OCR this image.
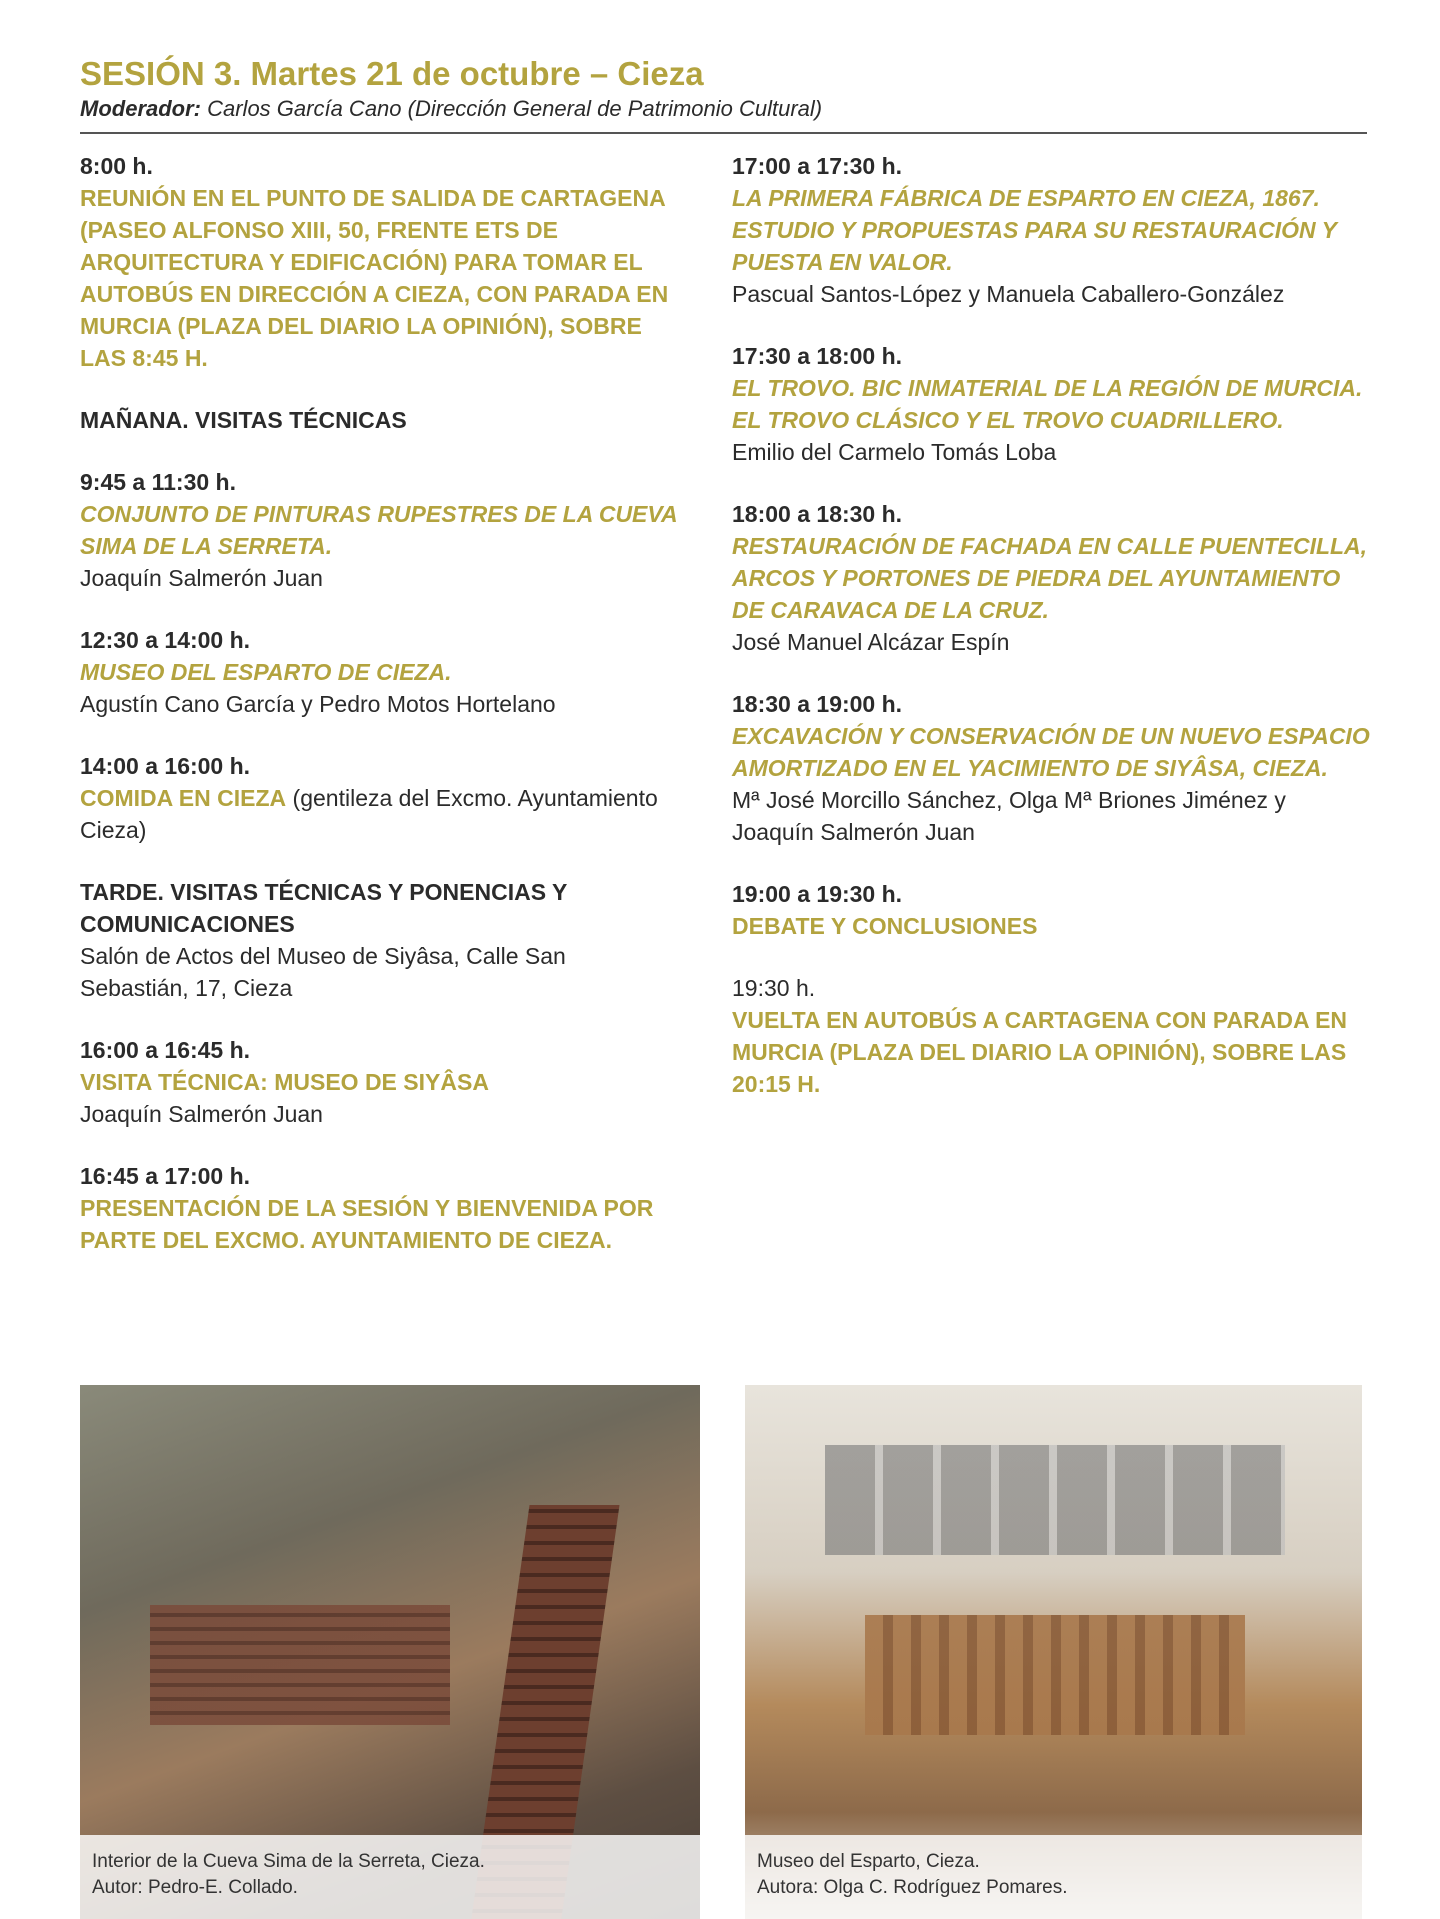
SESIÓN 3. Martes 21 de octubre – Cieza
Moderador: Carlos García Cano (Dirección General de Patrimonio Cultural)
8:00 h.
REUNIÓN EN EL PUNTO DE SALIDA DE CARTAGENA (PASEO ALFONSO XIII, 50, FRENTE ETS DE ARQUITECTURA Y EDIFICACIÓN) PARA TOMAR EL AUTOBÚS EN DIRECCIÓN A CIEZA, CON PARADA EN MURCIA (PLAZA DEL DIARIO LA OPINIÓN), SOBRE LAS 8:45 H.
MAÑANA. VISITAS TÉCNICAS
9:45 a 11:30 h.
CONJUNTO DE PINTURAS RUPESTRES DE LA CUEVA SIMA DE LA SERRETA.
Joaquín Salmerón Juan
12:30 a 14:00 h.
MUSEO DEL ESPARTO DE CIEZA.
Agustín Cano García y Pedro Motos Hortelano
14:00 a 16:00 h.
COMIDA EN CIEZA (gentileza del Excmo. Ayuntamiento Cieza)
TARDE. VISITAS TÉCNICAS Y PONENCIAS Y COMUNICACIONES
Salón de Actos del Museo de Siyâsa, Calle San Sebastián, 17, Cieza
16:00 a 16:45 h.
VISITA TÉCNICA: MUSEO DE SIYÂSA
Joaquín Salmerón Juan
16:45 a 17:00 h.
PRESENTACIÓN DE LA SESIÓN Y BIENVENIDA POR PARTE DEL EXCMO. AYUNTAMIENTO DE CIEZA.
17:00 a 17:30 h.
LA PRIMERA FÁBRICA DE ESPARTO EN CIEZA, 1867. ESTUDIO Y PROPUESTAS PARA SU RESTAURACIÓN Y PUESTA EN VALOR.
Pascual Santos-López y Manuela Caballero-González
17:30 a 18:00 h.
EL TROVO. BIC INMATERIAL DE LA REGIÓN DE MURCIA. EL TROVO CLÁSICO Y EL TROVO CUADRILLERO.
Emilio del Carmelo Tomás Loba
18:00 a 18:30 h.
RESTAURACIÓN DE FACHADA EN CALLE PUENTECILLA, ARCOS Y PORTONES DE PIEDRA DEL AYUNTAMIENTO DE CARAVACA DE LA CRUZ.
José Manuel Alcázar Espín
18:30 a 19:00 h.
EXCAVACIÓN Y CONSERVACIÓN DE UN NUEVO ESPACIO AMORTIZADO EN EL YACIMIENTO DE SIYÂSA, CIEZA.
Mª José Morcillo Sánchez, Olga Mª Briones Jiménez y Joaquín Salmerón Juan
19:00 a 19:30 h.
DEBATE Y CONCLUSIONES
19:30 h.
VUELTA EN AUTOBÚS A CARTAGENA CON PARADA EN MURCIA (PLAZA DEL DIARIO LA OPINIÓN), SOBRE LAS 20:15 H.
Interior de la Cueva Sima de la Serreta, Cieza.
Autor: Pedro-E. Collado.
Museo del Esparto, Cieza.
Autora: Olga C. Rodríguez Pomares.
